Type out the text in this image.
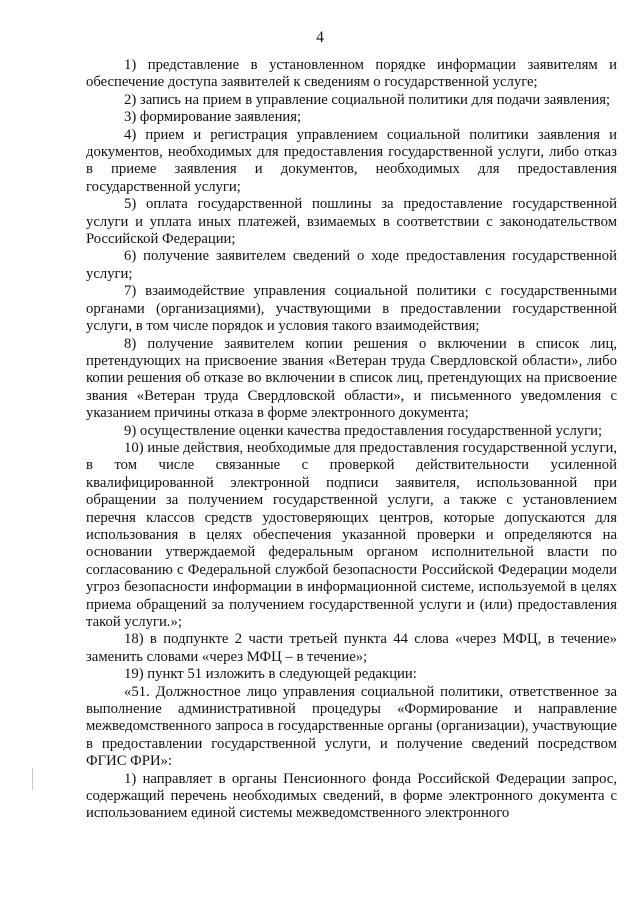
4

1) представление в установленном порядке информации заявителям и обеспечение доступа заявителей к сведениям о государственной услуге;

2) запись на прием в управление социальной политики для подачи заявления;

3) формирование заявления;

4) прием и регистрация управлением социальной политики заявления и документов, необходимых для предоставления государственной услуги, либо отказ в приеме заявления и документов, необходимых для предоставления государственной услуги;

5) оплата государственной пошлины за предоставление государственной услуги и уплата иных платежей, взимаемых в соответствии с законодательством Российской Федерации;

6) получение заявителем сведений о ходе предоставления государственной услуги;

7) взаимодействие управления социальной политики с государственными органами (организациями), участвующими в предоставлении государственной услуги, в том числе порядок и условия такого взаимодействия;

8) получение заявителем копии решения о включении в список лиц, претендующих на присвоение звания «Ветеран труда Свердловской области», либо копии решения об отказе во включении в список лиц, претендующих на присвоение звания «Ветеран труда Свердловской области», и письменного уведомления с указанием причины отказа в форме электронного документа;

9) осуществление оценки качества предоставления государственной услуги;

10) иные действия, необходимые для предоставления государственной услуги, в том числе связанные с проверкой действительности усиленной квалифицированной электронной подписи заявителя, использованной при обращении за получением государственной услуги, а также с установлением перечня классов средств удостоверяющих центров, которые допускаются для использования в целях обеспечения указанной проверки и определяются на основании утверждаемой федеральным органом исполнительной власти по согласованию с Федеральной службой безопасности Российской Федерации модели угроз безопасности информации в информационной системе, используемой в целях приема обращений за получением государственной услуги и (или) предоставления такой услуги.»;

18) в подпункте 2 части третьей пункта 44 слова «через МФЦ, в течение» заменить словами «через МФЦ – в течение»;

19) пункт 51 изложить в следующей редакции:

«51. Должностное лицо управления социальной политики, ответственное за выполнение административной процедуры «Формирование и направление межведомственного запроса в государственные органы (организации), участвующие в предоставлении государственной услуги, и получение сведений посредством ФГИС ФРИ»:

1) направляет в органы Пенсионного фонда Российской Федерации запрос, содержащий перечень необходимых сведений, в форме электронного документа с использованием единой системы межведомственного электронного
